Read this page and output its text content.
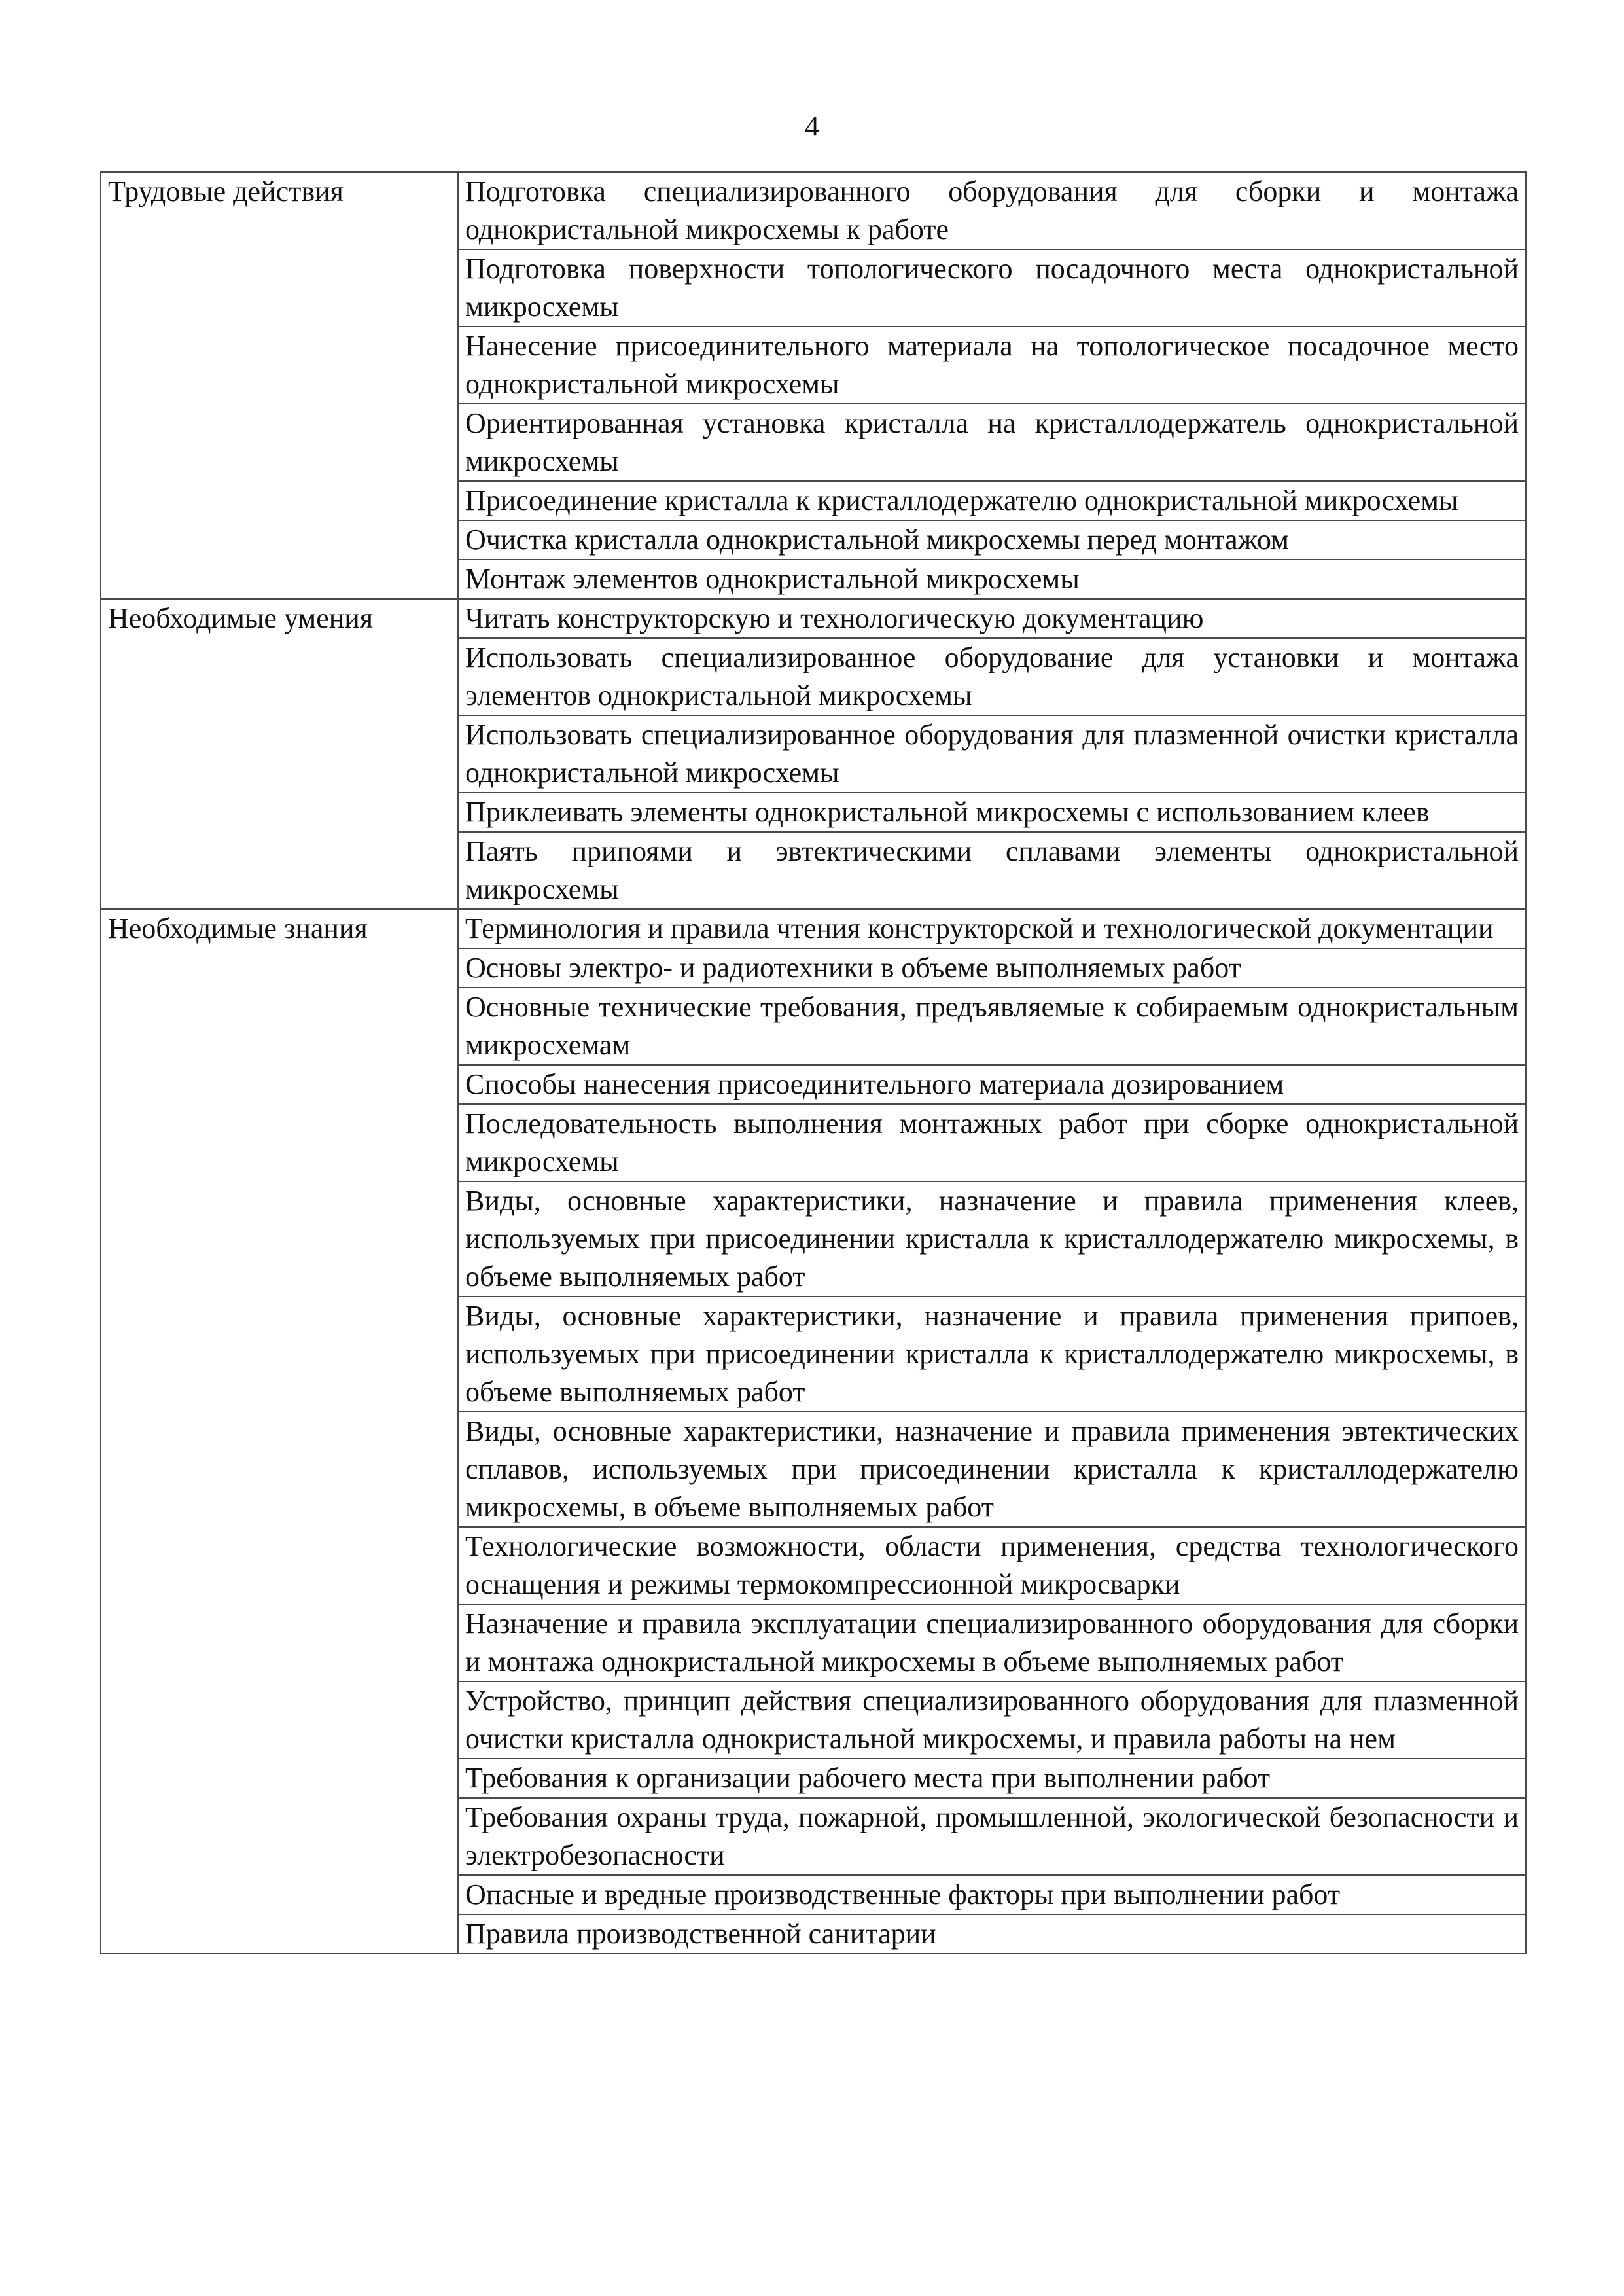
4
Трудовые действия	Подготовка специализированного оборудования для сборки и монтажа однокристальной микросхемы к работе
	Подготовка поверхности топологического посадочного места однокристальной микросхемы
	Нанесение присоединительного материала на топологическое посадочное место однокристальной микросхемы
	Ориентированная установка кристалла на кристаллодержатель однокристальной микросхемы
	Присоединение кристалла к кристаллодержателю однокристальной микросхемы
	Очистка кристалла однокристальной микросхемы перед монтажом
	Монтаж элементов однокристальной микросхемы
Необходимые умения	Читать конструкторскую и технологическую документацию
	Использовать специализированное оборудование для установки и монтажа элементов однокристальной микросхемы
	Использовать специализированное оборудования для плазменной очистки кристалла однокристальной микросхемы
	Приклеивать элементы однокристальной микросхемы с использованием клеев
	Паять припоями и эвтектическими сплавами элементы однокристальной микросхемы
Необходимые знания	Терминология и правила чтения конструкторской и технологической документации
	Основы электро- и радиотехники в объеме выполняемых работ
	Основные технические требования, предъявляемые к собираемым однокристальным микросхемам
	Способы нанесения присоединительного материала дозированием
	Последовательность выполнения монтажных работ при сборке однокристальной микросхемы
	Виды, основные характеристики, назначение и правила применения клеев, используемых при присоединении кристалла к кристаллодержателю микросхемы, в объеме выполняемых работ
	Виды, основные характеристики, назначение и правила применения припоев, используемых при присоединении кристалла к кристаллодержателю микросхемы, в объеме выполняемых работ
	Виды, основные характеристики, назначение и правила применения эвтектических сплавов, используемых при присоединении кристалла к кристаллодержателю микросхемы, в объеме выполняемых работ
	Технологические возможности, области применения, средства технологического оснащения и режимы термокомпрессионной микросварки
	Назначение и правила эксплуатации специализированного оборудования для сборки и монтажа однокристальной микросхемы в объеме выполняемых работ
	Устройство, принцип действия специализированного оборудования для плазменной очистки кристалла однокристальной микросхемы, и правила работы на нем
	Требования к организации рабочего места при выполнении работ
	Требования охраны труда, пожарной, промышленной, экологической безопасности и электробезопасности
	Опасные и вредные производственные факторы при выполнении работ
	Правила производственной санитарии
